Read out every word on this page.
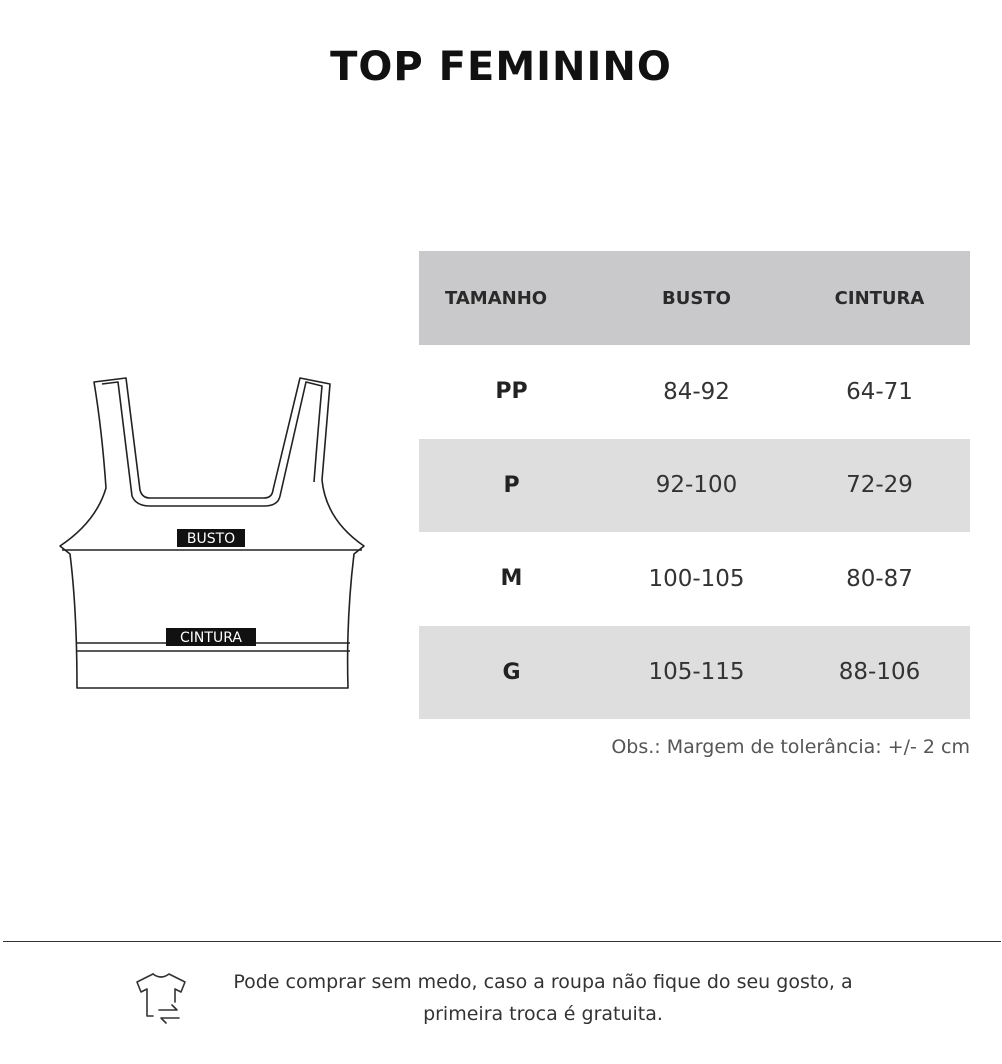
TOP FEMININO
BUSTO
CINTURA
TAMANHO	BUSTO	CINTURA
PP	84-92	64-71
P	92-100	72-29
M	100-105	80-87
G	105-115	88-106
Obs.: Margem de tolerância: +/- 2 cm
Pode comprar sem medo, caso a roupa não fique do seu gosto, a
primeira troca é gratuita.
